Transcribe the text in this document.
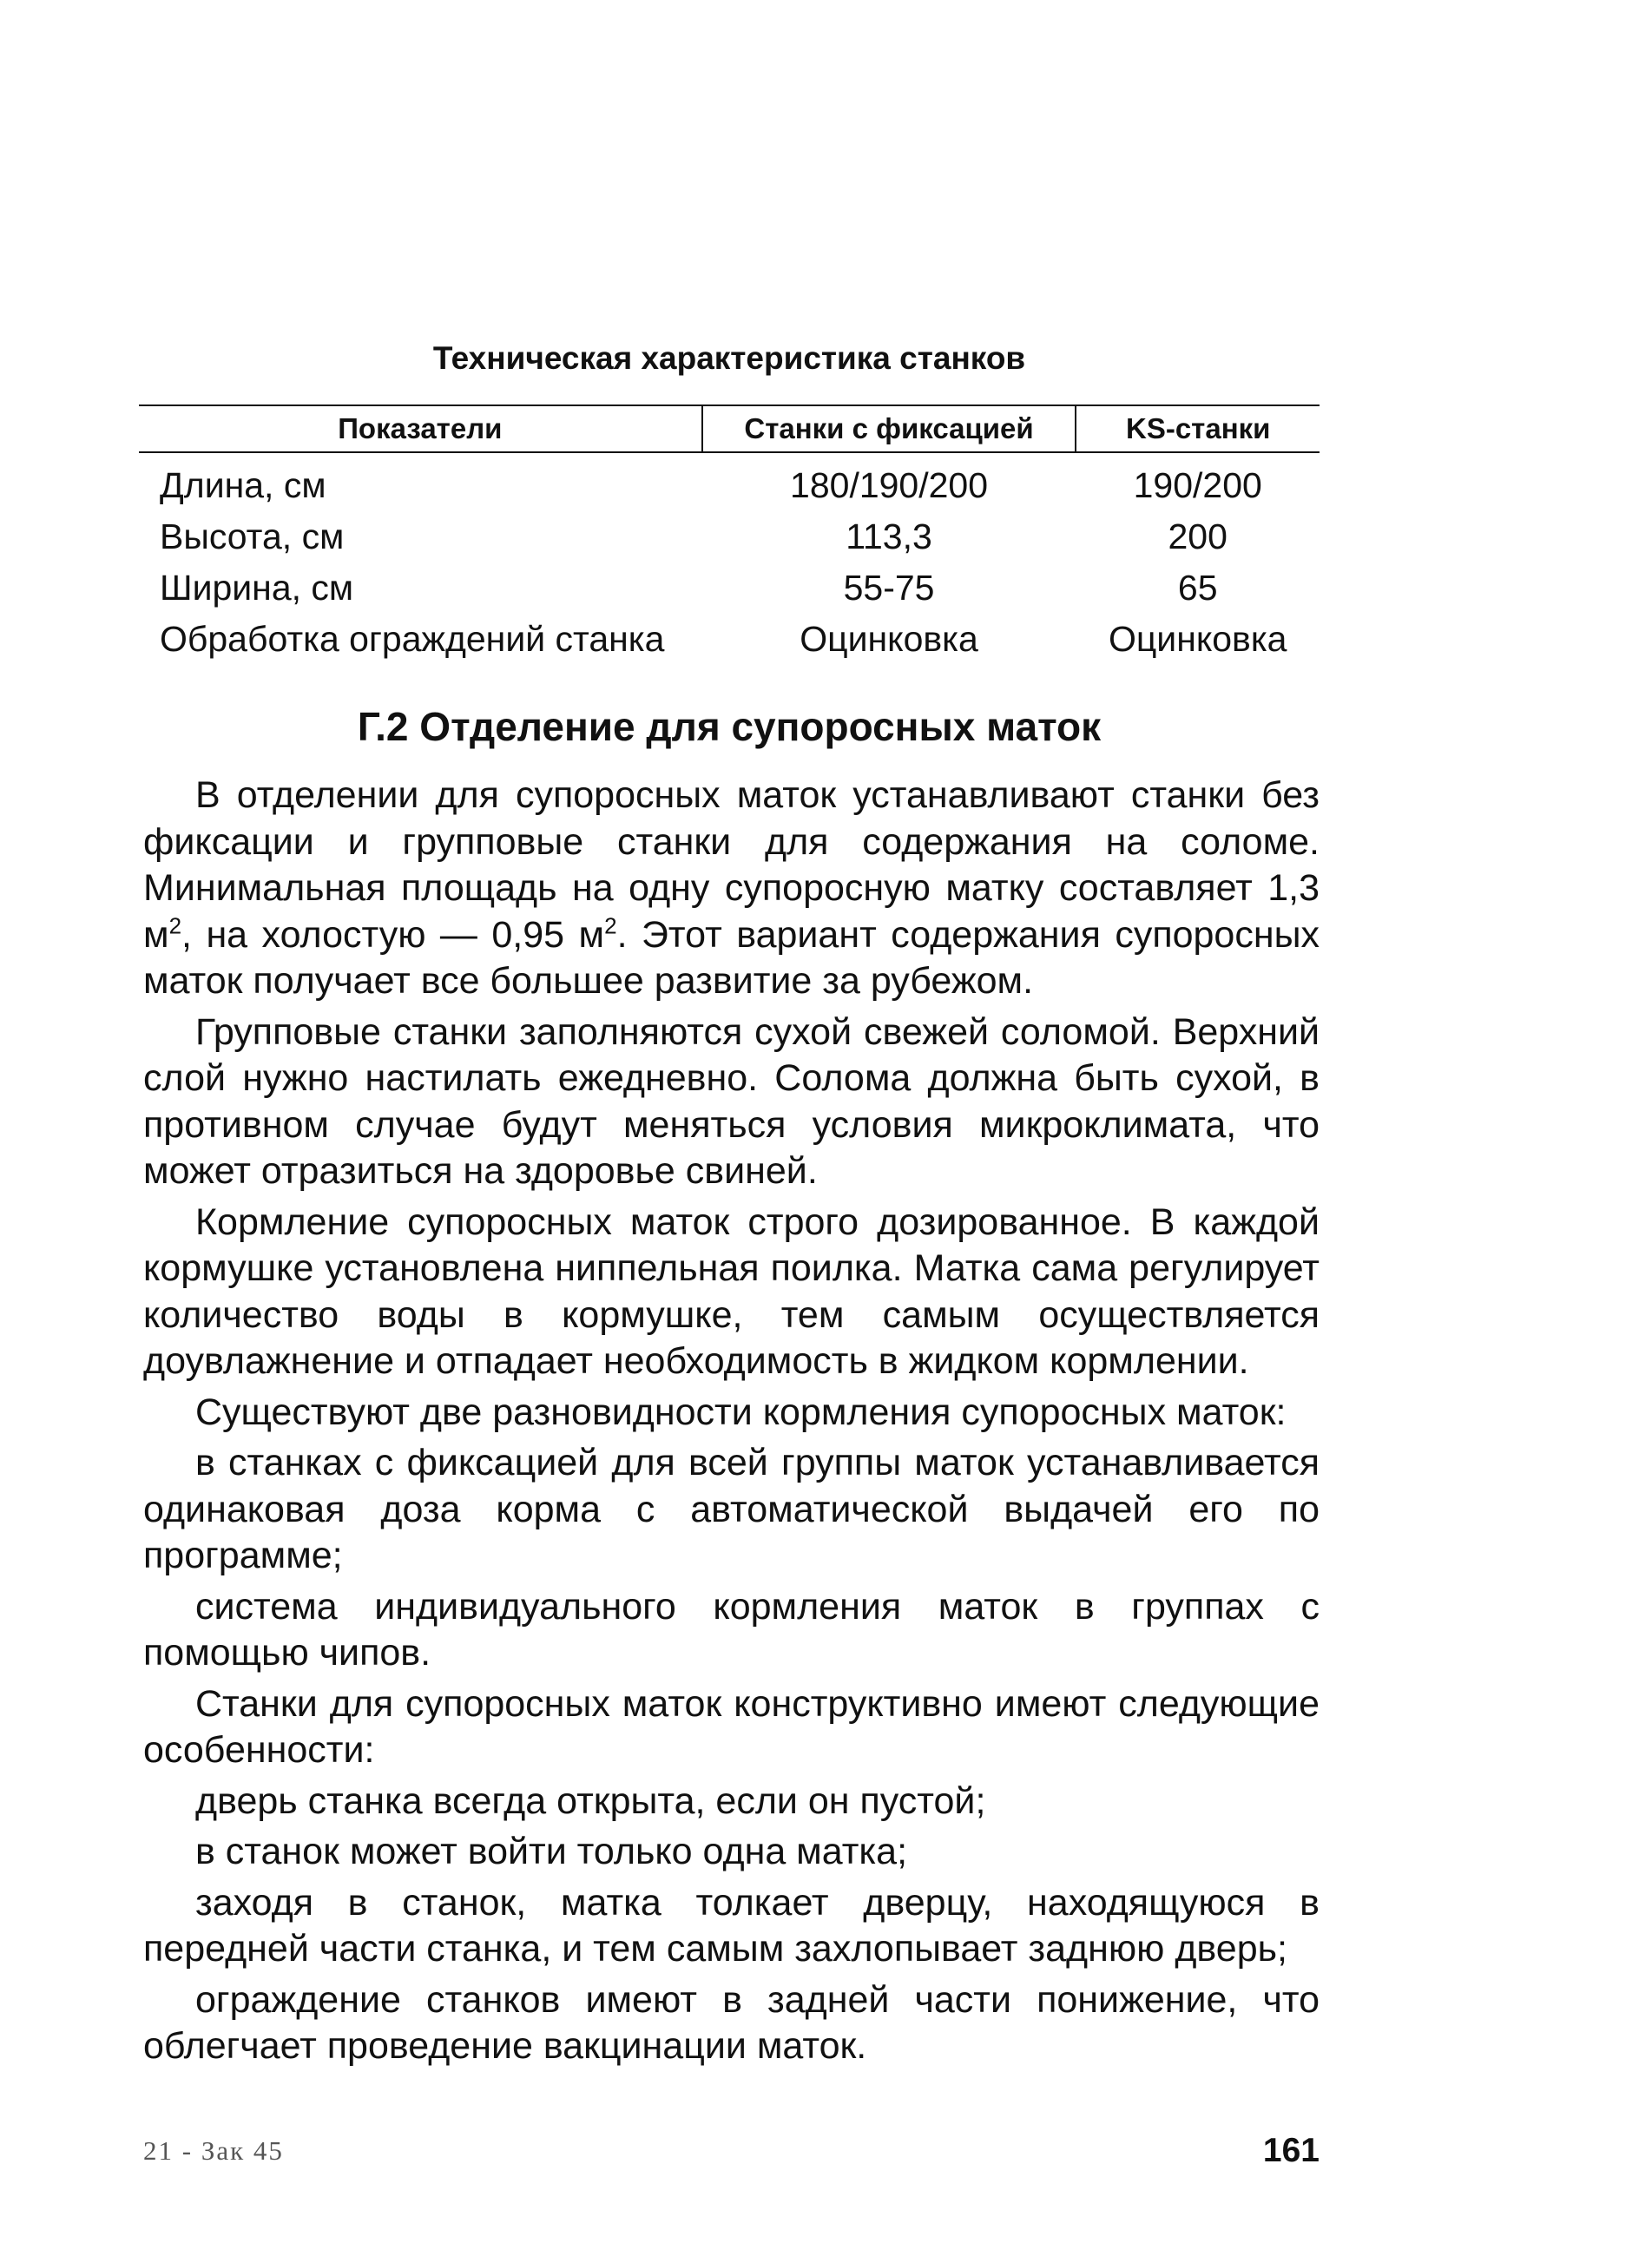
Техническая характеристика станков
Показатели	Станки с фиксацией	KS-станки
Длина, см	180/190/200	190/200
Высота, см	113,3	200
Ширина, см	55-75	65
Обработка ограждений станка	Оцинковка	Оцинковка
Г.2 Отделение для супоросных маток

В отделении для супоросных маток устанавливают станки без фиксации и групповые станки для содержания на соломе. Минимальная площадь на одну супоросную матку составляет 1,3 $м^2$, на холостую — 0,95 $м^2$. Этот вариант содержания супоросных маток получает все большее развитие за рубежом.

Групповые станки заполняются сухой свежей соломой. Верхний слой нужно настилать ежедневно. Солома должна быть сухой, в противном случае будут меняться условия микроклимата, что может отразиться на здоровье свиней.

Кормление супоросных маток строго дозированное. В каждой кормушке установлена ниппельная поилка. Матка сама регулирует количество воды в кормушке, тем самым осуществляется доувлажнение и отпадает необходимость в жидком кормлении.

Существуют две разновидности кормления супоросных маток:

в станках с фиксацией для всей группы маток устанавливается одинаковая доза корма с автоматической выдачей его по программе;

система индивидуального кормления маток в группах с помощью чипов.

Станки для супоросных маток конструктивно имеют следующие особенности:

дверь станка всегда открыта, если он пустой;

в станок может войти только одна матка;

заходя в станок, матка толкает дверцу, находящуюся в передней части станка, и тем самым захлопывает заднюю дверь;

ограждение станков имеют в задней части понижение, что облегчает проведение вакцинации маток.

21 - Зак 45	161
